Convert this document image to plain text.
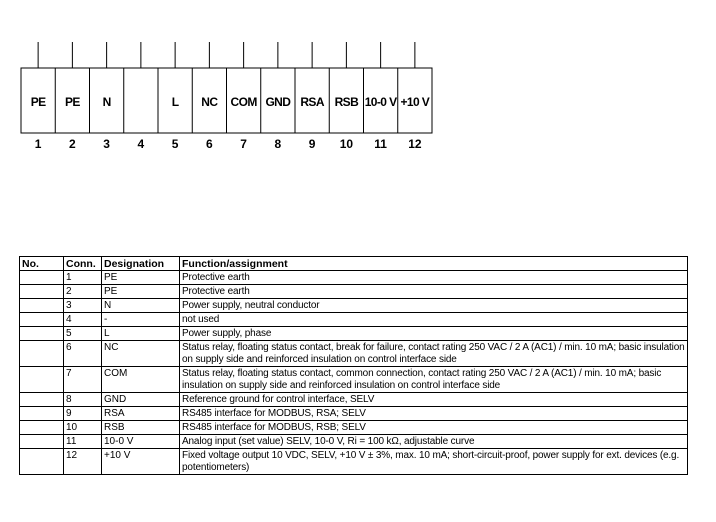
PE
1
PE
2
N
3 4
L
5
NC
6
COM
7
GND
8
RSA
9
RSB
10
10-0 V
11
+10 V
12
No.	Conn.	Designation	Function/assignment
	1	PE	Protective earth
	2	PE	Protective earth
	3	N	Power supply, neutral conductor
	4	-	not used
	5	L	Power supply, phase
	6	NC	Status relay, floating status contact, break for failure, contact rating 250 VAC / 2 A (AC1) / min. 10 mA; basic insulation on supply side and reinforced insulation on control interface side
	7	COM	Status relay, floating status contact, common connection, contact rating 250 VAC / 2 A (AC1) / min. 10 mA; basic insulation on supply side and reinforced insulation on control interface side
	8	GND	Reference ground for control interface, SELV
	9	RSA	RS485 interface for MODBUS, RSA; SELV
	10	RSB	RS485 interface for MODBUS, RSB; SELV
	11	10-0 V	Analog input (set value) SELV, 10-0 V, Ri = 100 kΩ, adjustable curve
	12	+10 V	Fixed voltage output 10 VDC, SELV, +10 V ± 3%, max. 10 mA; short-circuit-proof, power supply for ext. devices (e.g. potentiometers)
